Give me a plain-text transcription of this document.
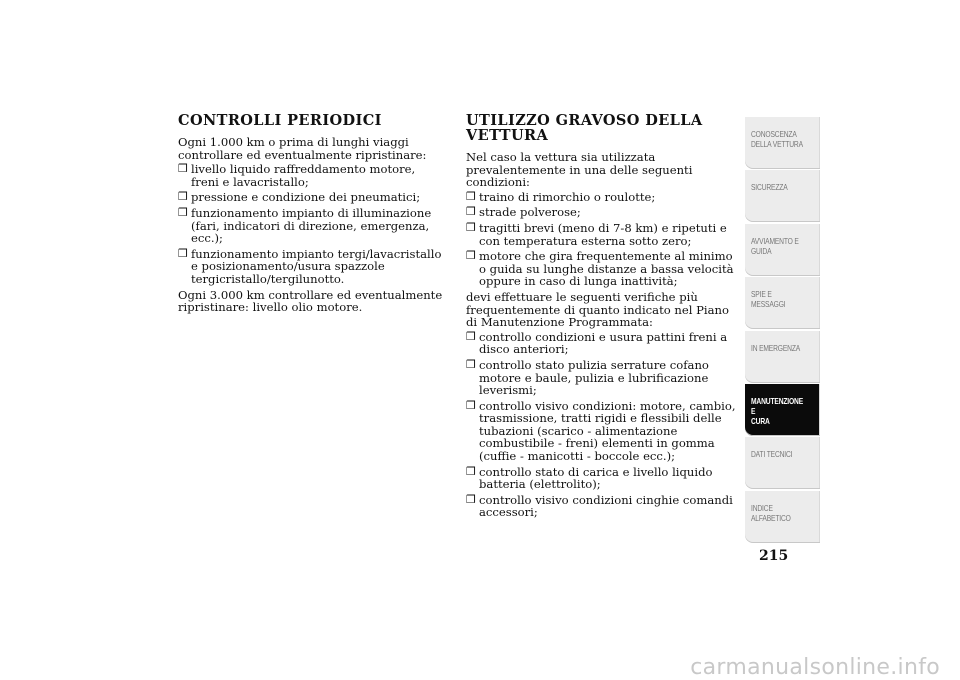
CONTROLLI PERIODICI

Ogni 1.000 km o prima di lunghi viaggi controllare ed eventualmente ripristinare:

❒ livello liquido raffreddamento motore, freni e lavacristallo;
❒ pressione e condizione dei pneumatici;
❒ funzionamento impianto di illuminazione (fari, indicatori di direzione, emergenza, ecc.);
❒ funzionamento impianto tergi/lavacristallo e posizionamento/usura spazzole tergicristallo/tergilunotto.

Ogni 3.000 km controllare ed eventualmente ripristinare: livello olio motore.

UTILIZZO GRAVOSO DELLA
VETTURA

Nel caso la vettura sia utilizzata prevalentemente in una delle seguenti condizioni:

❒ traino di rimorchio o roulotte;
❒ strade polverose;
❒ tragitti brevi (meno di 7-8 km) e ripetuti e con temperatura esterna sotto zero;
❒ motore che gira frequentemente al minimo o guida su lunghe distanze a bassa velocità oppure in caso di lunga inattività;

devi effettuare le seguenti verifiche più frequentemente di quanto indicato nel Piano di Manutenzione Programmata:

❒ controllo condizioni e usura pattini freni a disco anteriori;
❒ controllo stato pulizia serrature cofano motore e baule, pulizia e lubrificazione leverismi;
❒ controllo visivo condizioni: motore, cambio, trasmissione, tratti rigidi e flessibili delle tubazioni (scarico - alimentazione combustibile - freni) elementi in gomma (cuffie - manicotti - boccole ecc.);
❒ controllo stato di carica e livello liquido batteria (elettrolito);
❒ controllo visivo condizioni cinghie comandi accessori;
CONOSCENZA
DELLA VETTURA
SICUREZZA
AVVIAMENTO E
GUIDA
SPIE E MESSAGGI
IN EMERGENZA
MANUTENZIONE E
CURA
DATI TECNICI
INDICE
ALFABETICO
215
carmanualsonline.info
